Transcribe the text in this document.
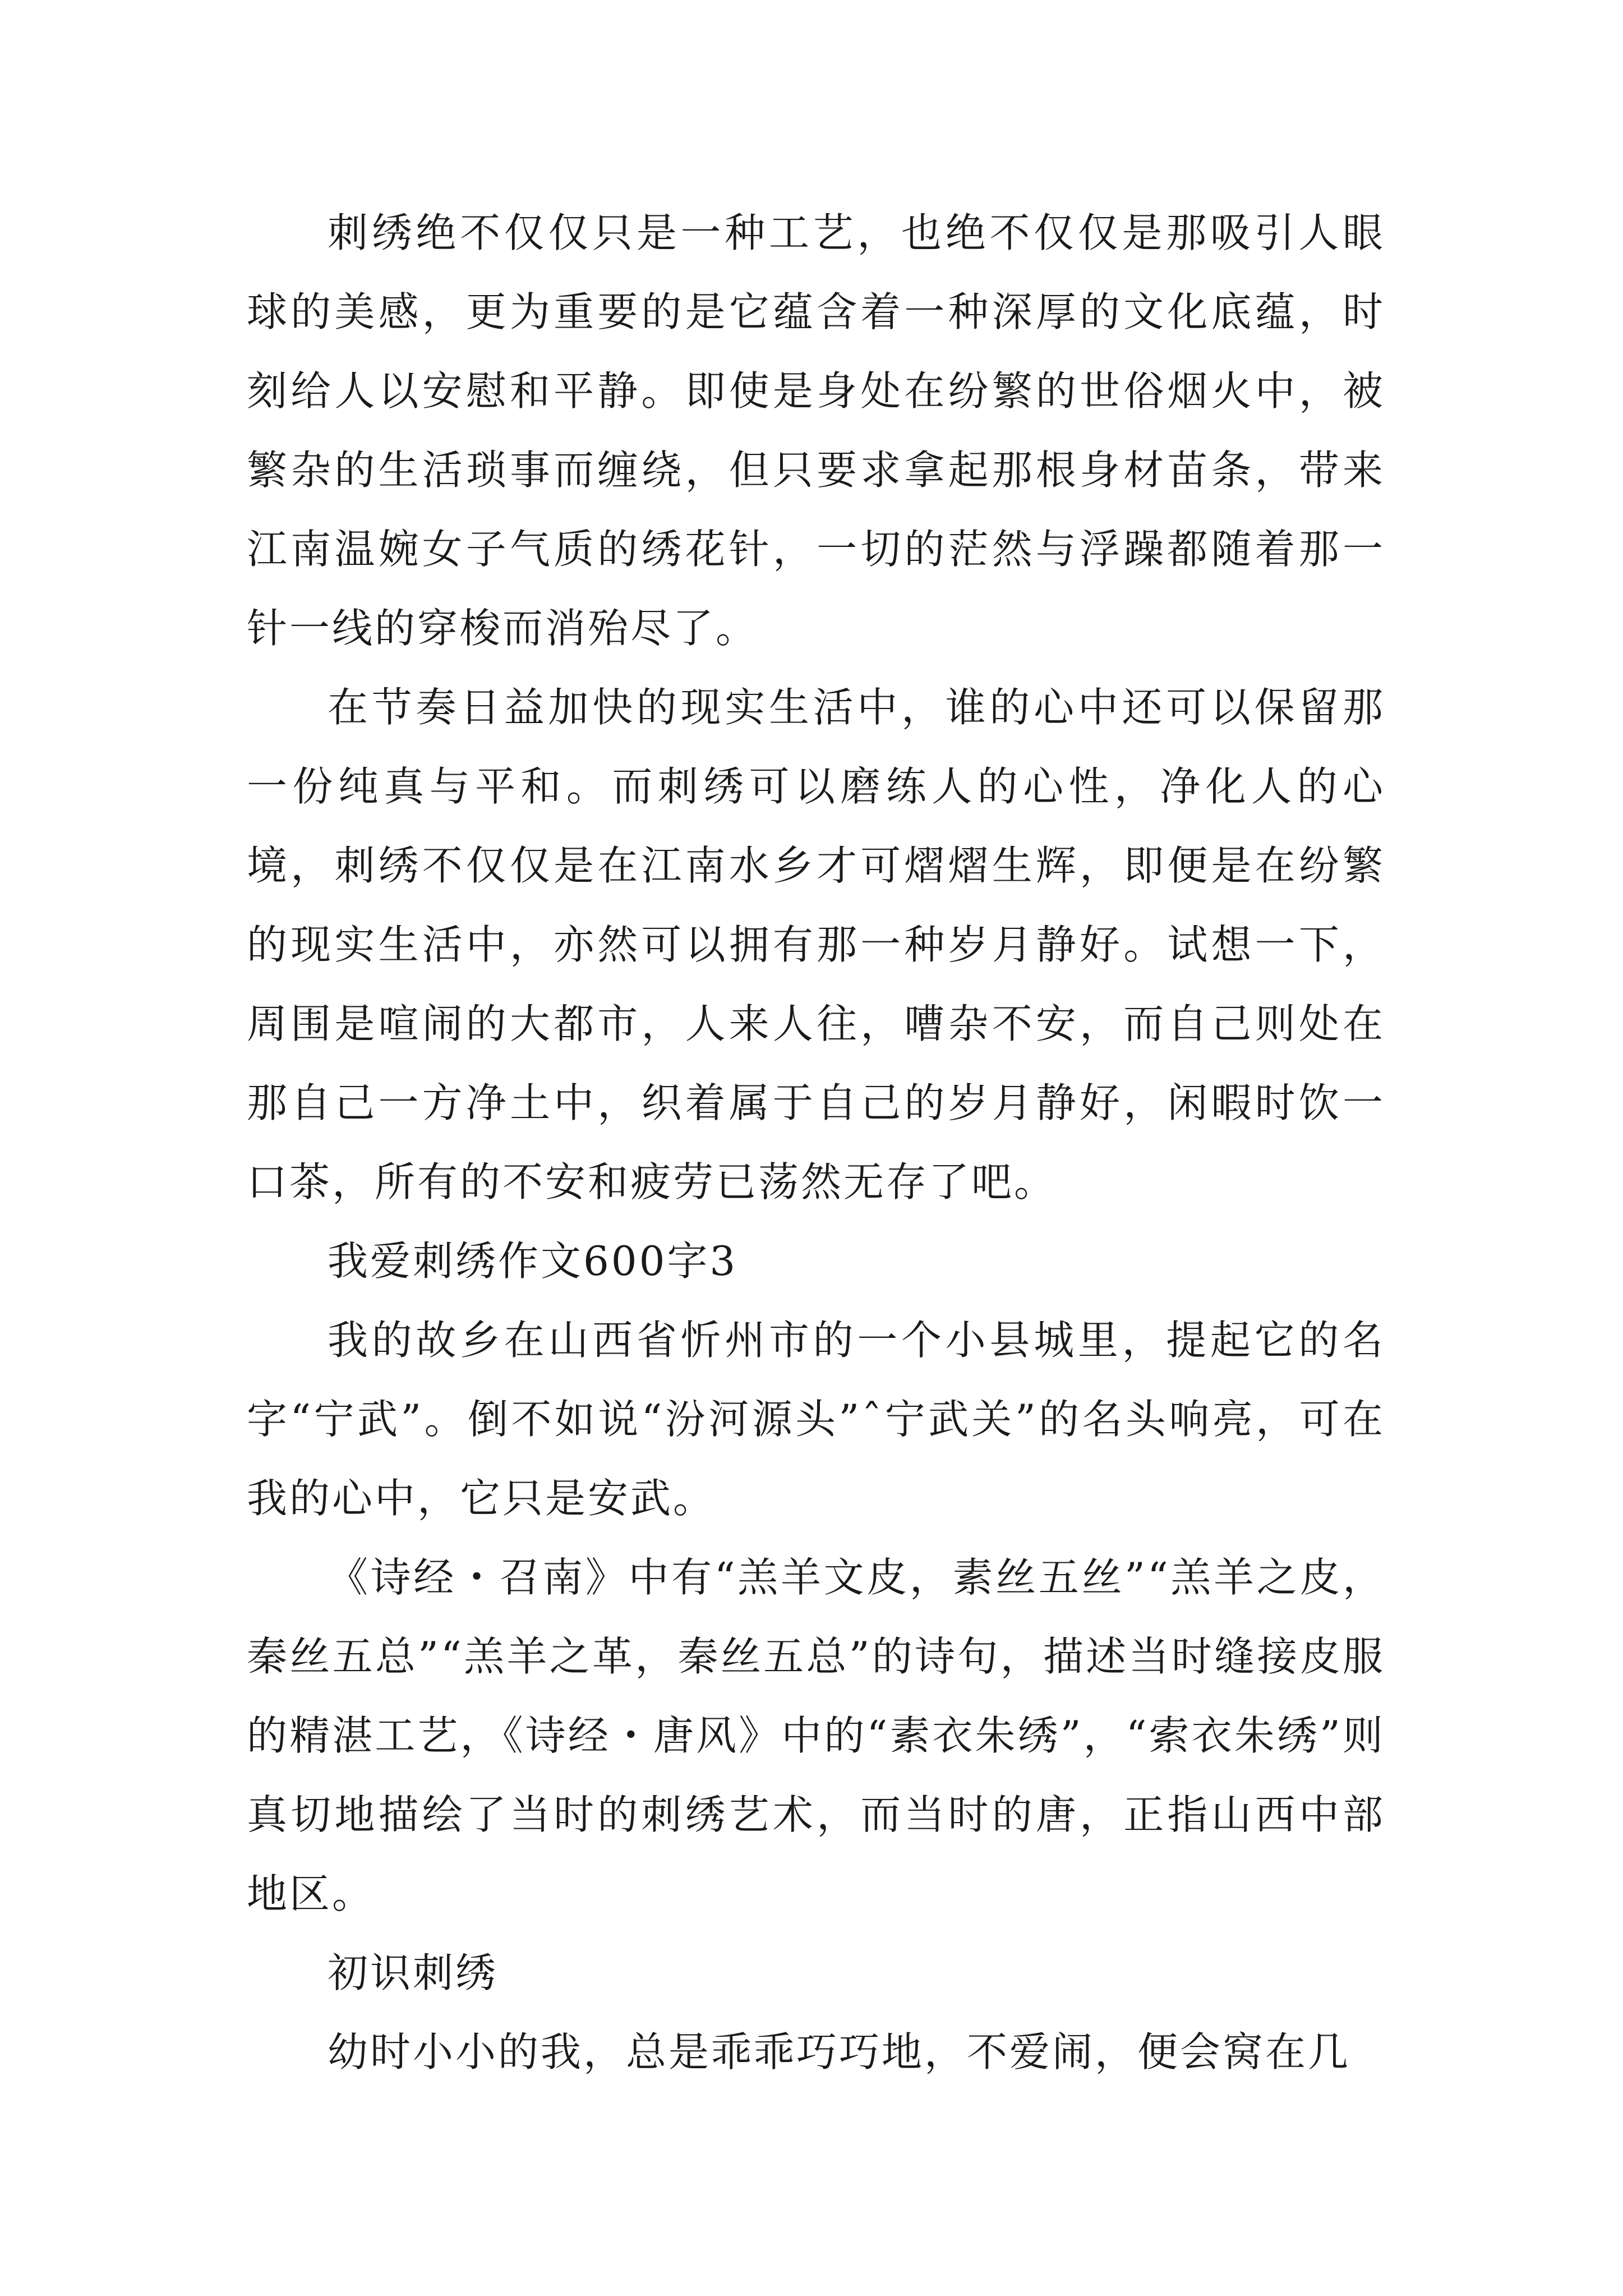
刺绣绝不仅仅只是一种工艺，也绝不仅仅是那吸引人眼球的美感，更为重要的是它蕴含着一种深厚的文化底蕴，时刻给人以安慰和平静。即使是身处在纷繁的世俗烟火中，被繁杂的生活琐事而缠绕，但只要求拿起那根身材苗条，带来江南温婉女子气质的绣花针，一切的茫然与浮躁都随着那一针一线的穿梭而消殆尽了。

在节奏日益加快的现实生活中，谁的心中还可以保留那一份纯真与平和。而刺绣可以磨练人的心性，净化人的心境，刺绣不仅仅是在江南水乡才可熠熠生辉，即便是在纷繁的现实生活中，亦然可以拥有那一种岁月静好。试想一下，周围是喧闹的大都市，人来人往，嘈杂不安，而自己则处在那自己一方净土中，织着属于自己的岁月静好，闲暇时饮一口茶，所有的不安和疲劳已荡然无存了吧。

我爱刺绣作文600字3

我的故乡在山西省忻州市的一个小县城里，提起它的名字“宁武”。倒不如说“汾河源头”ˆ宁武关”的名头响亮，可在我的心中，它只是安武。

《诗经・召南》中有“羔羊文皮，素丝五丝”“羔羊之皮，秦丝五总”“羔羊之革，秦丝五总”的诗句，描述当时缝接皮服的精湛工艺，《诗经・唐风》中的“素衣朱绣”，“索衣朱绣”则真切地描绘了当时的刺绣艺术，而当时的唐，正指山西中部地区。

初识刺绣

幼时小小的我，总是乖乖巧巧地，不爱闹，便会窝在几
